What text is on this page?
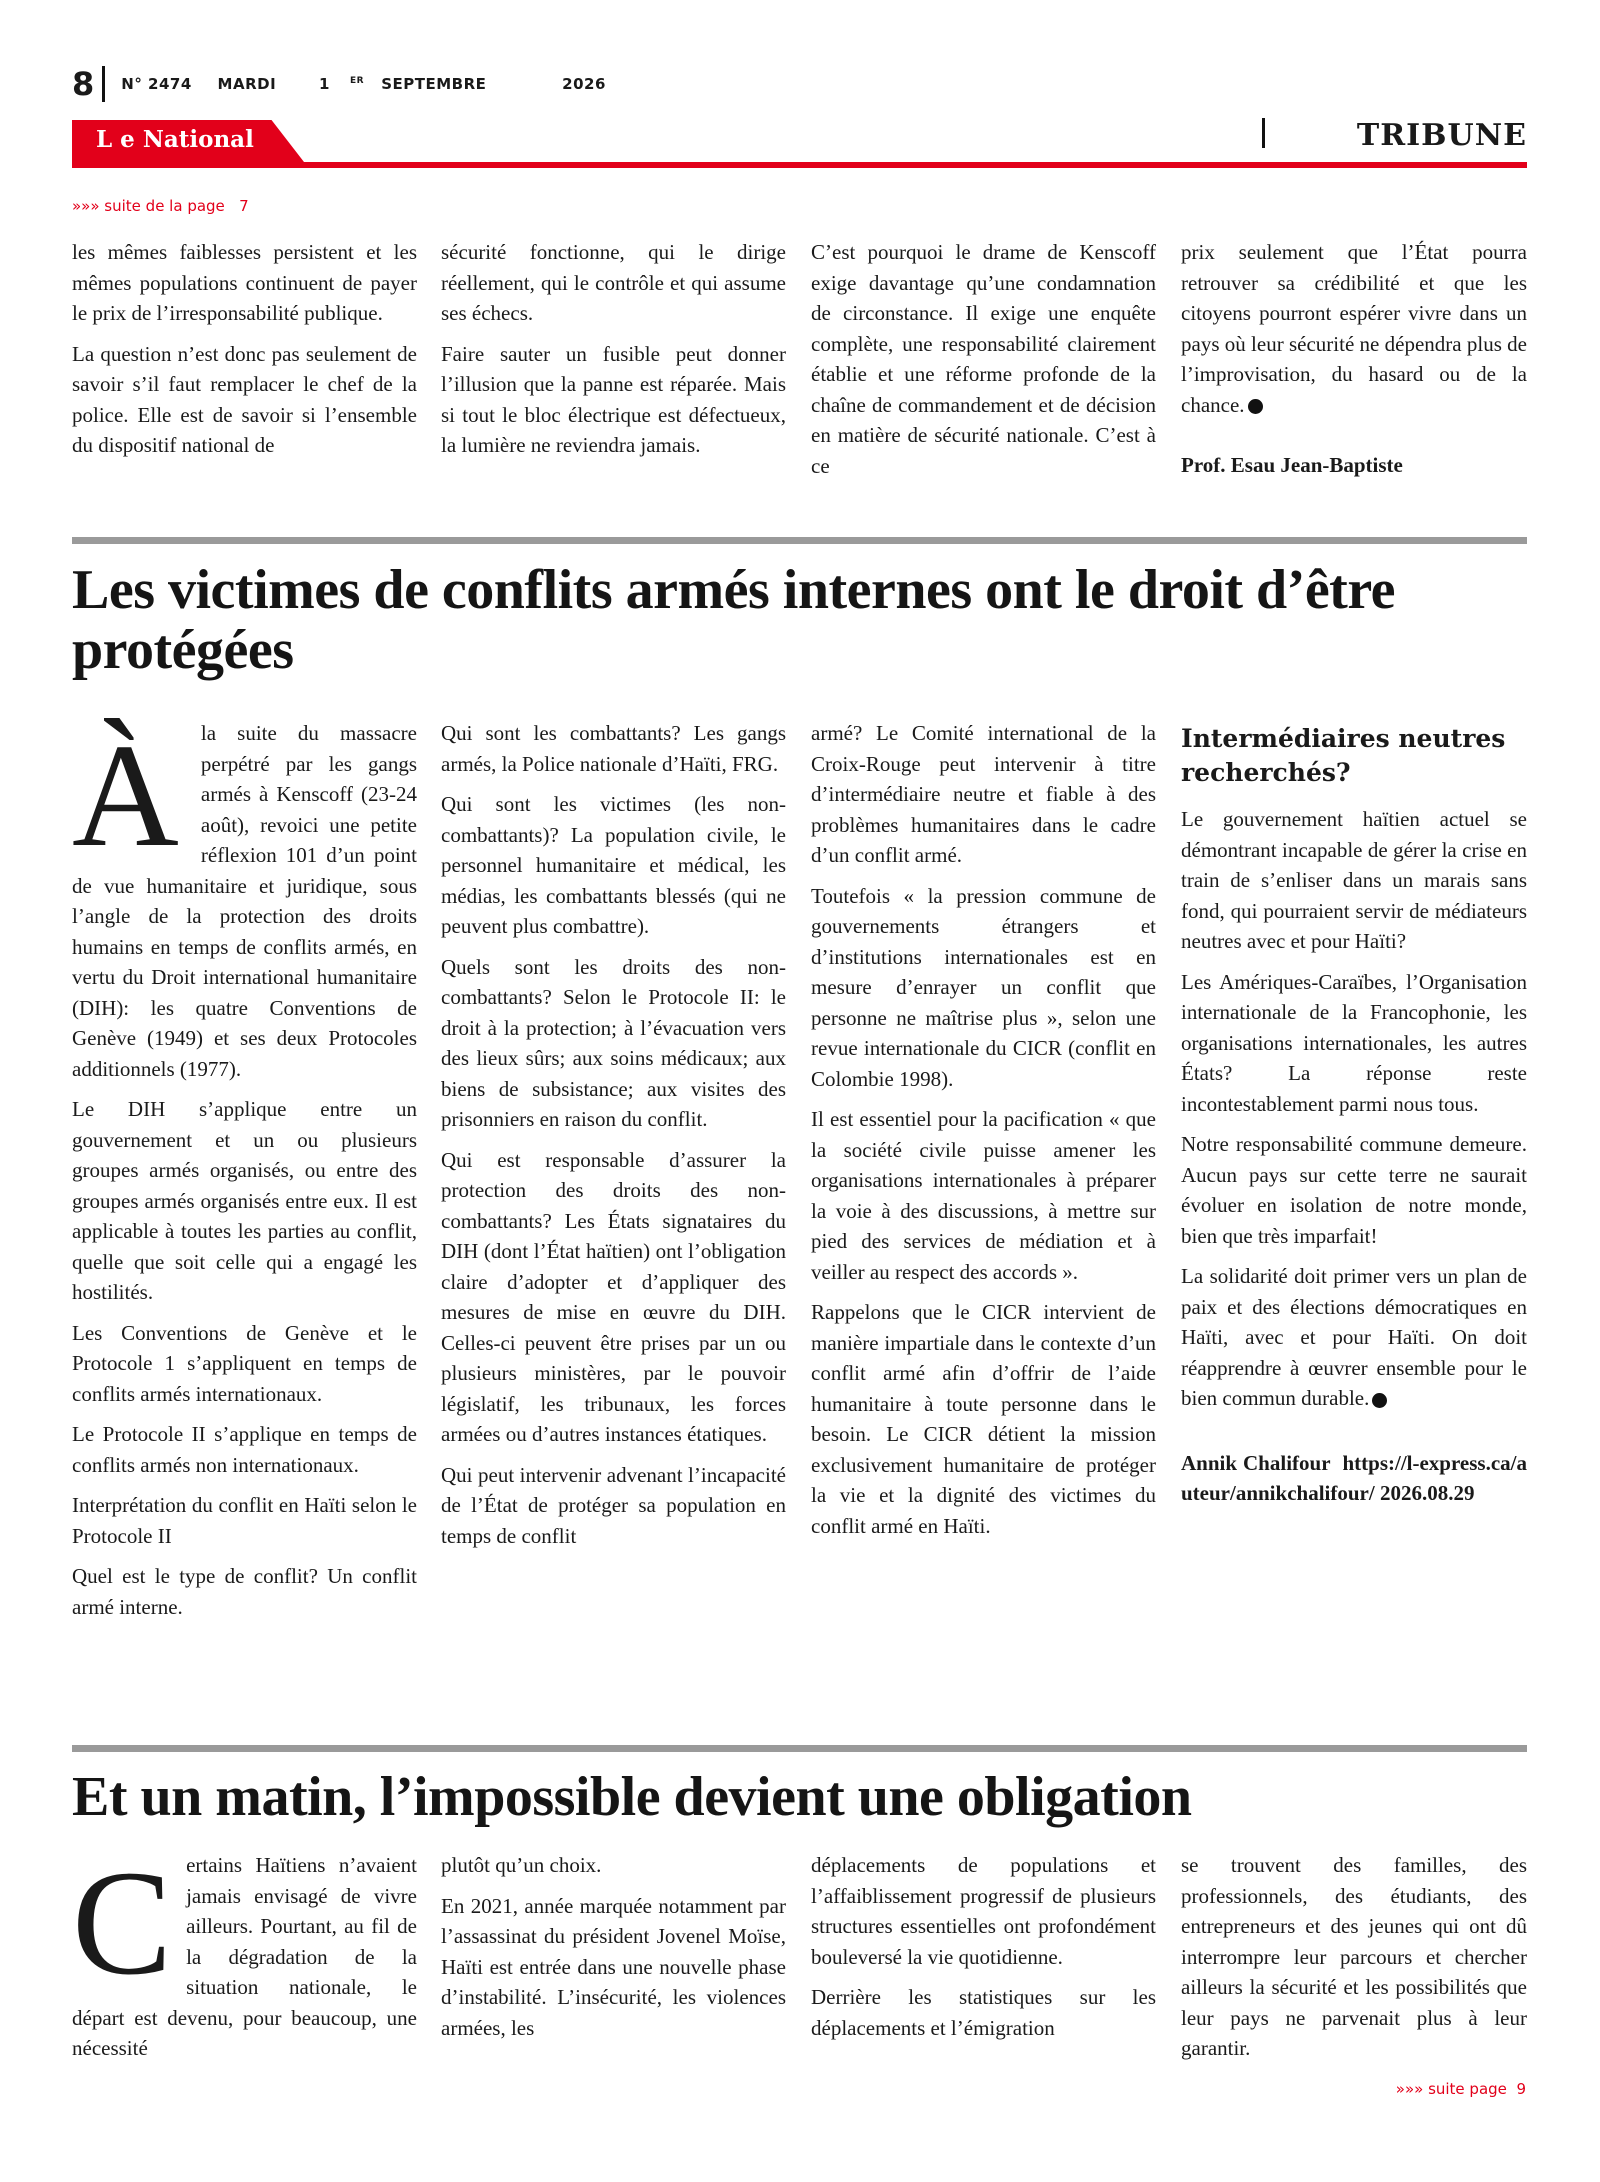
8 N° 2474 MARDI	1 $^{ER}$ SEPTEMBRE	2026
L e National	TRIBUNE
»»» suite de la page 7

les mêmes faiblesses persistent et les mêmes populations continuent de payer le prix de l’irresponsabilité publique.

La question n’est donc pas seulement de savoir s’il faut remplacer le chef de la police. Elle est de savoir si l’ensemble du dispositif national de

sécurité fonctionne, qui le dirige réellement, qui le contrôle et qui assume ses échecs.

Faire sauter un fusible peut donner l’illusion que la panne est réparée. Mais si tout le bloc électrique est défectueux, la lumière ne reviendra jamais.

C’est pourquoi le drame de Kenscoff exige davantage qu’une condamnation de circonstance. Il exige une enquête complète, une responsabilité clairement établie et une réforme profonde de la chaîne de commandement et de décision en matière de sécurité nationale. C’est à ce

prix seulement que l’État pourra retrouver sa crédibilité et que les citoyens pourront espérer vivre dans un pays où leur sécurité ne dépendra plus de l’improvisation, du hasard ou de la chance.

Prof. Esau Jean-Baptiste

Les victimes de conflits armés internes ont le droit d’être protégées

À la suite du massacre perpétré par les gangs armés à Kenscoff (23-24 août), revoici une petite réflexion 101 d’un point de vue humanitaire et juridique, sous l’angle de la protection des droits humains en temps de conflits armés, en vertu du Droit international humanitaire (DIH): les quatre Conventions de Genève (1949) et ses deux Protocoles additionnels (1977).

Le DIH s’applique entre un gouvernement et un ou plusieurs groupes armés organisés, ou entre des groupes armés organisés entre eux. Il est applicable à toutes les parties au conflit, quelle que soit celle qui a engagé les hostilités.

Les Conventions de Genève et le Protocole 1 s’appliquent en temps de conflits armés internationaux.

Le Protocole II s’applique en temps de conflits armés non internationaux.

Interprétation du conflit en Haïti selon le Protocole II

Quel est le type de conflit? Un conflit armé interne.

Qui sont les combattants? Les gangs armés, la Police nationale d’Haïti, FRG.

Qui sont les victimes (les non-combattants)? La population civile, le personnel humanitaire et médical, les médias, les combattants blessés (qui ne peuvent plus combattre).

Quels sont les droits des non-combattants? Selon le Protocole II: le droit à la protection; à l’évacuation vers des lieux sûrs; aux soins médicaux; aux biens de subsistance; aux visites des prisonniers en raison du conflit.

Qui est responsable d’assurer la protection des droits des non-combattants? Les États signataires du DIH (dont l’État haïtien) ont l’obligation claire d’adopter et d’appliquer des mesures de mise en œuvre du DIH. Celles-ci peuvent être prises par un ou plusieurs ministères, par le pouvoir législatif, les tribunaux, les forces armées ou d’autres instances étatiques.

Qui peut intervenir advenant l’incapacité de l’État de protéger sa population en temps de conflit

armé? Le Comité international de la Croix-Rouge peut intervenir à titre d’intermédiaire neutre et fiable à des problèmes humanitaires dans le cadre d’un conflit armé.

Toutefois « la pression commune de gouvernements étrangers et d’institutions internationales est en mesure d’enrayer un conflit que personne ne maîtrise plus », selon une revue internationale du CICR (conflit en Colombie 1998).

Il est essentiel pour la pacification « que la société civile puisse amener les organisations internationales à préparer la voie à des discussions, à mettre sur pied des services de médiation et à veiller au respect des accords ».

Rappelons que le CICR intervient de manière impartiale dans le contexte d’un conflit armé afin d’offrir de l’aide humanitaire à toute personne dans le besoin. Le CICR détient la mission exclusivement humanitaire de protéger la vie et la dignité des victimes du conflit armé en Haïti.

Intermédiaires neutres recherchés?

Le gouvernement haïtien actuel se démontrant incapable de gérer la crise en train de s’enliser dans un marais sans fond, qui pourraient servir de médiateurs neutres avec et pour Haïti?

Les Amériques-Caraïbes, l’Organisation internationale de la Francophonie, les organisations internationales, les autres États? La réponse reste incontestablement parmi nous tous.

Notre responsabilité commune demeure. Aucun pays sur cette terre ne saurait évoluer en isolation de notre monde, bien que très imparfait!

La solidarité doit primer vers un plan de paix et des élections démocratiques en Haïti, avec et pour Haïti. On doit réapprendre à œuvrer ensemble pour le bien commun durable.

Annik Chalifour https://l-express.ca/auteur/annikchalifour/ 2026.08.29

Et un matin, l’impossible devient une obligation

Certains Haïtiens n’avaient jamais envisagé de vivre ailleurs. Pourtant, au fil de la dégradation de la situation nationale, le départ est devenu, pour beaucoup, une nécessité

plutôt qu’un choix.

En 2021, année marquée notamment par l’assassinat du président Jovenel Moïse, Haïti est entrée dans une nouvelle phase d’instabilité. L’insécurité, les violences armées, les

déplacements de populations et l’affaiblissement progressif de plusieurs structures essentielles ont profondément bouleversé la vie quotidienne.

Derrière les statistiques sur les déplacements et l’émigration

se trouvent des familles, des professionnels, des étudiants, des entrepreneurs et des jeunes qui ont dû interrompre leur parcours et chercher ailleurs la sécurité et les possibilités que leur pays ne parvenait plus à leur garantir.

»»» suite page 9
